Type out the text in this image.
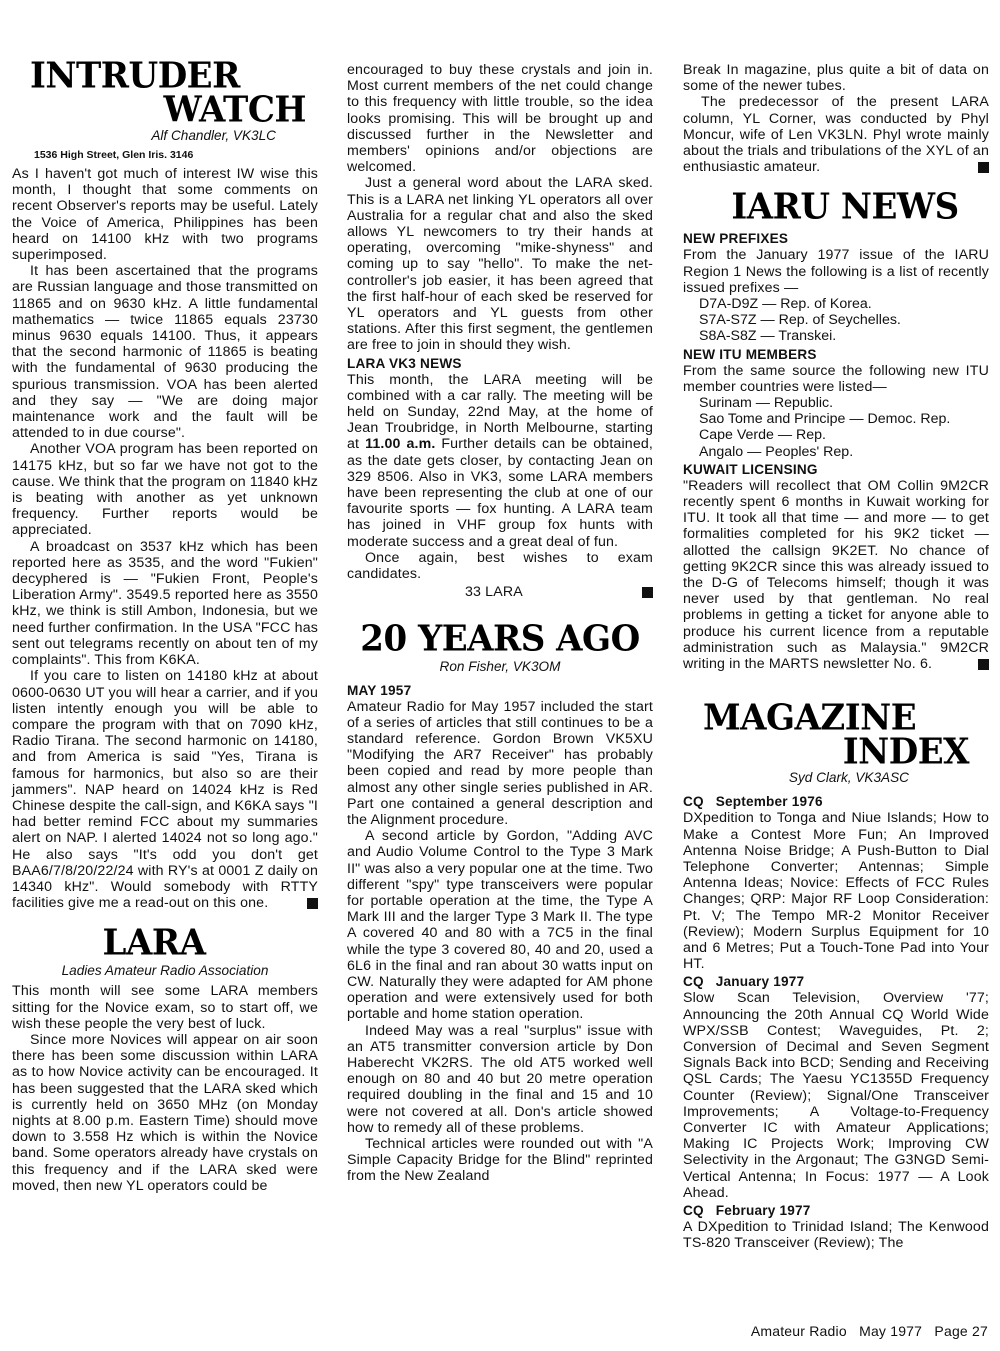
INTRUDER

WATCH

Alf Chandler, VK3LC

1536 High Street, Glen Iris. 3146

As I haven't got much of interest IW wise this month, I thought that some comments on recent Observer's reports may be useful. Lately the Voice of America, Philippines has been heard on 14100 kHz with two programs superimposed.

It has been ascertained that the programs are Russian language and those transmitted on 11865 and on 9630 kHz. A little fundamental mathematics — twice 11865 equals 23730 minus 9630 equals 14100. Thus, it appears that the second harmonic of 11865 is beating with the fundamental of 9630 producing the spurious transmission. VOA has been alerted and they say — "We are doing major maintenance work and the fault will be attended to in due course".

Another VOA program has been reported on 14175 kHz, but so far we have not got to the cause. We think that the program on 11840 kHz is beating with another as yet unknown frequency. Further reports would be appreciated.

A broadcast on 3537 kHz which has been reported here as 3535, and the word "Fukien" decyphered is — "Fukien Front, People's Liberation Army". 3549.5 reported here as 3550 kHz, we think is still Ambon, Indonesia, but we need further confirmation. In the USA "FCC has sent out telegrams recently on about ten of my complaints". This from K6KA.

If you care to listen on 14180 kHz at about 0600-0630 UT you will hear a carrier, and if you listen intently enough you will be able to compare the program with that on 7090 kHz, Radio Tirana. The second harmonic on 14180, and from America is said "Yes, Tirana is famous for harmonics, but also so are their jammers". NAP heard on 14024 kHz is Red Chinese despite the call-sign, and K6KA says "I had better remind FCC about my summaries alert on NAP. I alerted 14024 not so long ago." He also says "It's odd you don't get BAA6/7/8/20/22/24 with RY's at 0001 Z daily on 14340 kHz". Would somebody with RTTY facilities give me a read-out on this one.

LARA

Ladies Amateur Radio Association

This month will see some LARA members sitting for the Novice exam, so to start off, we wish these people the very best of luck.

Since more Novices will appear on air soon there has been some discussion within LARA as to how Novice activity can be encouraged. It has been suggested that the LARA sked which is currently held on 3650 MHz (on Monday nights at 8.00 p.m. Eastern Time) should move down to 3.558 Hz which is within the Novice band. Some operators already have crystals on this frequency and if the LARA sked were moved, then new YL operators could be

encouraged to buy these crystals and join in. Most current members of the net could change to this frequency with little trouble, so the idea looks promising. This will be brought up and discussed further in the Newsletter and members' opinions and/or objections are welcomed.

Just a general word about the LARA sked. This is a LARA net linking YL operators all over Australia for a regular chat and also the sked allows YL newcomers to try their hands at operating, overcoming "mike-shyness" and coming up to say "hello". To make the net-controller's job easier, it has been agreed that the first half-hour of each sked be reserved for YL operators and YL guests from other stations. After this first segment, the gentlemen are free to join in should they wish.

LARA VK3 NEWS

This month, the LARA meeting will be combined with a car rally. The meeting will be held on Sunday, 22nd May, at the home of Jean Troubridge, in North Melbourne, starting at 11.00 a.m. Further details can be obtained, as the date gets closer, by contacting Jean on 329 8506. Also in VK3, some LARA members have been representing the club at one of our favourite sports — fox hunting. A LARA team has joined in VHF group fox hunts with moderate success and a great deal of fun.

Once again, best wishes to exam candidates.

33 LARA

20 YEARS AGO

Ron Fisher, VK3OM

MAY 1957

Amateur Radio for May 1957 included the start of a series of articles that still continues to be a standard reference. Gordon Brown VK5XU "Modifying the AR7 Receiver" has probably been copied and read by more people than almost any other single series published in AR. Part one contained a general description and the Alignment procedure.

A second article by Gordon, "Adding AVC and Audio Volume Control to the Type 3 Mark II" was also a very popular one at the time. Two different "spy" type transceivers were popular for portable operation at the time, the Type A Mark III and the larger Type 3 Mark II. The type A covered 40 and 80 with a 7C5 in the final while the type 3 covered 80, 40 and 20, used a 6L6 in the final and ran about 30 watts input on CW. Naturally they were adapted for AM phone operation and were extensively used for both portable and home station operation.

Indeed May was a real "surplus" issue with an AT5 transmitter conversion article by Don Haberecht VK2RS. The old AT5 worked well enough on 80 and 40 but 20 metre operation required doubling in the final and 15 and 10 were not covered at all. Don's article showed how to remedy all of these problems.

Technical articles were rounded out with "A Simple Capacity Bridge for the Blind" reprinted from the New Zealand

Break In magazine, plus quite a bit of data on some of the newer tubes.

The predecessor of the present LARA column, YL Corner, was conducted by Phyl Moncur, wife of Len VK3LN. Phyl wrote mainly about the trials and tribulations of the XYL of an enthusiastic amateur.

IARU NEWS

NEW PREFIXES

From the January 1977 issue of the IARU Region 1 News the following is a list of recently issued prefixes —

D7A-D9Z — Rep. of Korea.

S7A-S7Z — Rep. of Seychelles.

S8A-S8Z — Transkei.

NEW ITU MEMBERS

From the same source the following new ITU member countries were listed—

Surinam — Republic.

Sao Tome and Principe — Democ. Rep.

Cape Verde — Rep.

Angalo — Peoples' Rep.

KUWAIT LICENSING

"Readers will recollect that OM Collin 9M2CR recently spent 6 months in Kuwait working for ITU. It took all that time — and more — to get formalities completed for his 9K2 ticket — allotted the callsign 9K2ET. No chance of getting 9K2CR since this was already issued to the D-G of Telecoms himself; though it was never used by that gentleman. No real problems in getting a ticket for anyone able to produce his current licence from a reputable administration such as Malaysia." 9M2CR writing in the MARTS newsletter No. 6.

MAGAZINE

INDEX

Syd Clark, VK3ASC

CQ   September 1976

DXpedition to Tonga and Niue Islands; How to Make a Contest More Fun; An Improved Antenna Noise Bridge; A Push-Button to Dial Telephone Converter; Antennas; Simple Antenna Ideas; Novice: Effects of FCC Rules Changes; QRP: Major RF Loop Consideration: Pt. V; The Tempo MR-2 Monitor Receiver (Review); Modern Surplus Equipment for 10 and 6 Metres; Put a Touch-Tone Pad into Your HT.

CQ   January 1977

Slow Scan Television, Overview '77; Announcing the 20th Annual CQ World Wide WPX/SSB Contest; Waveguides, Pt. 2; Conversion of Decimal and Seven Segment Signals Back into BCD; Sending and Receiving QSL Cards; The Yaesu YC1355D Frequency Counter (Review); Signal/One Transceiver Improvements; A Voltage-to-Frequency Converter IC with Amateur Applications; Making IC Projects Work; Improving CW Selectivity in the Argonaut; The G3NGD Semi-Vertical Antenna; In Focus: 1977 — A Look Ahead.

CQ   February 1977

A DXpedition to Trinidad Island; The Kenwood TS-820 Transceiver (Review); The

Amateur Radio   May 1977   Page 27
